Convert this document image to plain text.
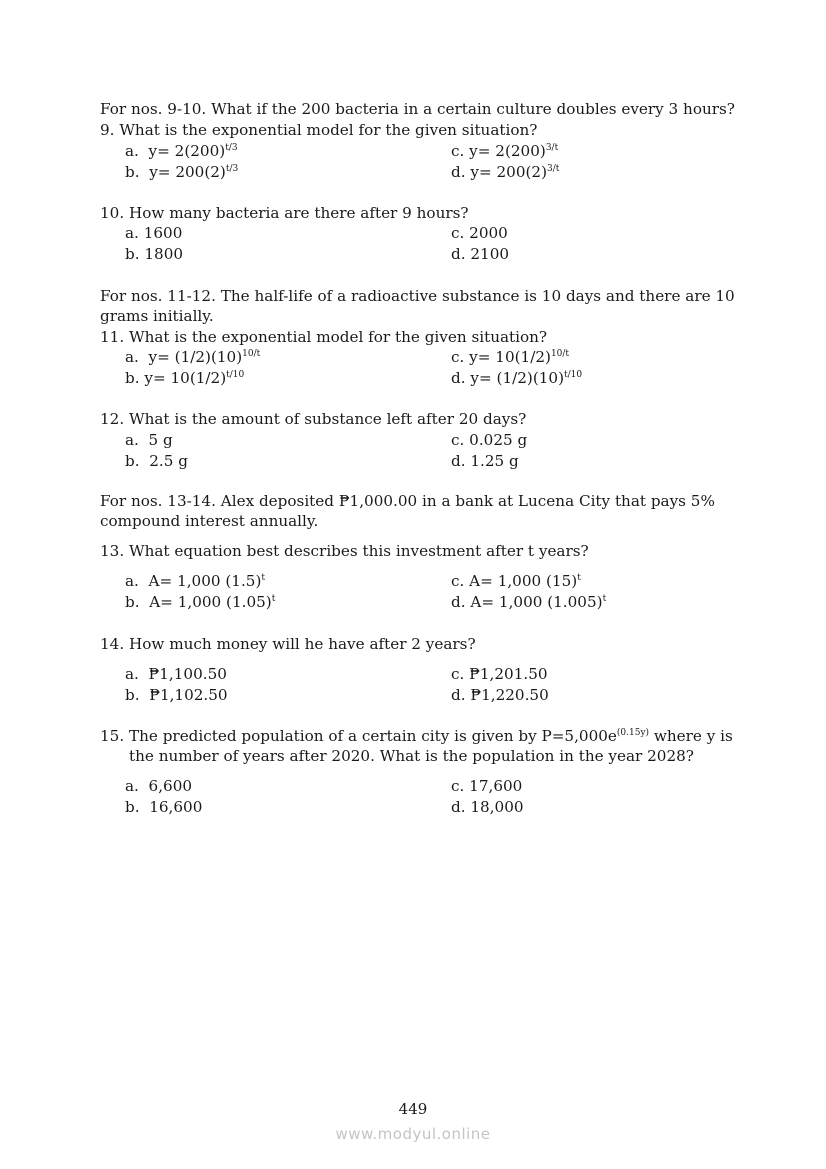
For nos. 9-10. What if the 200 bacteria in a certain culture doubles every 3 hours?
9. What is the exponential model for the given situation?
a. $y= 2(200)^{t/3}$	c. $y= 2(200)^{3/t}$
b. $y= 200(2)^{t/3}$	d. $y= 200(2)^{3/t}$
10. How many bacteria are there after 9 hours?
a. 1600	c. 2000
b. 1800	d. 2100
For nos. 11-12. The half-life of a radioactive substance is 10 days and there are 10
grams initially.
11. What is the exponential model for the given situation?
a. $y= (1/2)(10)^{10/t}$	c. $y= 10(1/2)^{10/t}$
b. $y= 10(1/2)^{t/10}$	d. $y= (1/2)(10)^{t/10}$
12. What is the amount of substance left after 20 days?
a. 5 g	c. 0.025 g
b. 2.5 g	d. 1.25 g
For nos. 13-14. Alex deposited ₱1,000.00 in a bank at Lucena City that pays 5%
compound interest annually.
13. What equation best describes this investment after t years?
a. A= 1,000 $(1.5)^t$	c. A= 1,000 $(15)^t$
b. A= 1,000 $(1.05)^t$	d. A= 1,000 $(1.005)^t$
14. How much money will he have after 2 years?
a. ₱1,100.50	c. ₱1,201.50
b. ₱1,102.50	d. ₱1,220.50
15. The predicted population of a certain city is given by $P=5,000e^{(0.15y)}$ where y is
the number of years after 2020. What is the population in the year 2028?
a. 6,600	c. 17,600
b. 16,600	d. 18,000
449
www.modyul.online
